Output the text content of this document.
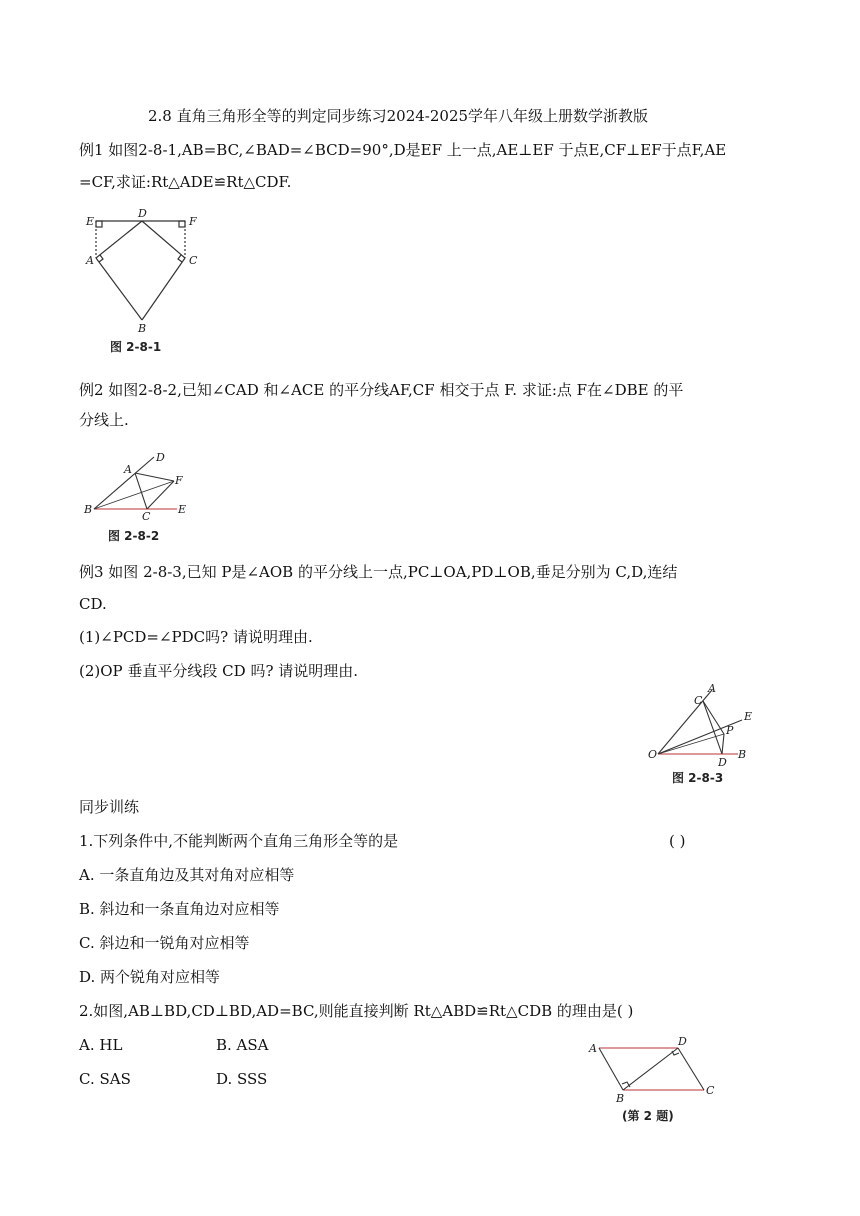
2.8 直角三角形全等的判定同步练习2024-2025学年八年级上册数学浙教版
例1 如图2-8-1,AB=BC,∠BAD=∠BCD=90°,D是EF 上一点,AE⊥EF 于点E,CF⊥EF于点F,AE
=CF,求证:Rt△ADE≌Rt△CDF.
E
D
F
A	C
B
图 2-8-1
例2 如图2-8-2,已知∠CAD 和∠ACE 的平分线AF,CF 相交于点 F. 求证:点 F在∠DBE 的平
分线上.
A
D
F
B
C
E
图 2-8-2
例3 如图 2-8-3,已知 P是∠AOB 的平分线上一点,PC⊥OA,PD⊥OB,垂足分别为 C,D,连结
CD.
(1)∠PCD=∠PDC吗? 请说明理由.
(2)OP 垂直平分线段 CD 吗? 请说明理由.
A
C
E
P
O
D
B
图 2-8-3
同步训练
1.下列条件中,不能判断两个直角三角形全等的是	( )
A. 一条直角边及其对角对应相等
B. 斜边和一条直角边对应相等
C. 斜边和一锐角对应相等
D. 两个锐角对应相等
2.如图,AB⊥BD,CD⊥BD,AD=BC,则能直接判断 Rt△ABD≌Rt△CDB 的理由是( )
A. HL	B. ASA
C. SAS	D. SSS
A
D
B
C
(第 2 题)
